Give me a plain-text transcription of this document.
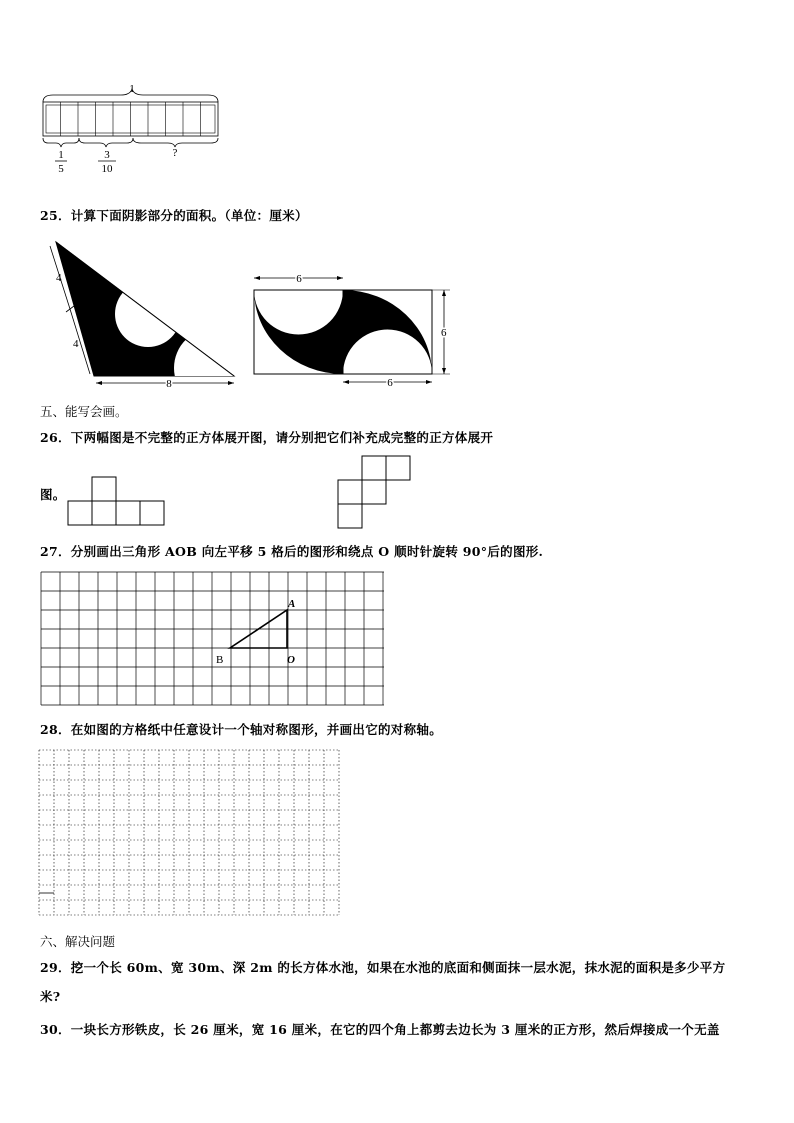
1
1
5
3
10
?
25．计算下面阴影部分的面积。（单位：厘米）
4
4
8
6
6
6
五、能写会画。
26．下两幅图是不完整的正方体展开图，请分别把它们补充成完整的正方体展开
图。
27．分别画出三角形 AOB 向左平移 5 格后的图形和绕点 O 顺时针旋转 90°后的图形.
A
B	O
28．在如图的方格纸中任意设计一个轴对称图形，并画出它的对称轴。
六、解决问题
29．挖一个长 60m、宽 30m、深 2m 的长方体水池，如果在水池的底面和侧面抹一层水泥，抹水泥的面积是多少平方
米?
30．一块长方形铁皮，长 26 厘米，宽 16 厘米，在它的四个角上都剪去边长为 3 厘米的正方形，然后焊接成一个无盖
